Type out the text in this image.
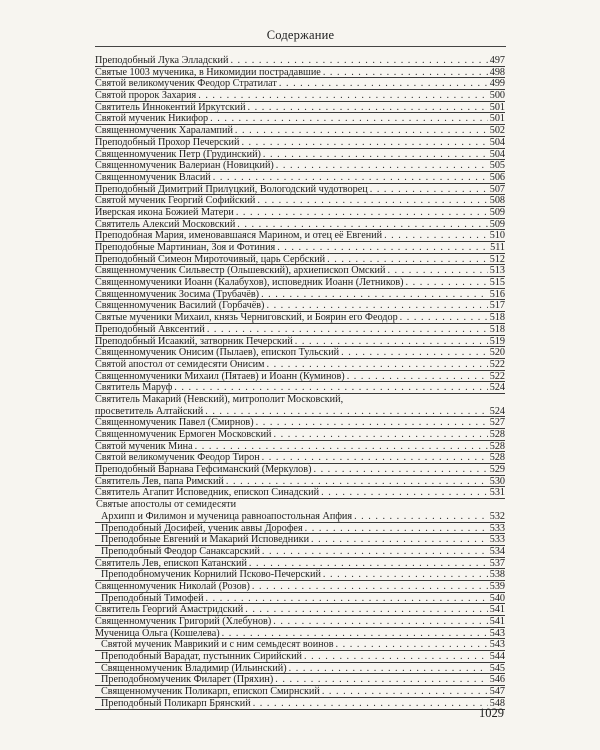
Содержание
Преподобный Лука Элладский . . .	497
Святые 1003 мученика, в Никомидии пострадавшие . . .	498
Святой великомученик Феодор Стратилат . . .	499
Святой пророк Захария . . .	500
Святитель Иннокентий Иркутский . . .	501
Святой мученик Никифор . . .	501
Священномученик Харалампий . . .	502
Преподобный Прохор Печерский . . .	504
Священномученик Петр (Грудинский) . . .	504
Священномученик Валериан (Новицкий) . . .	505
Священномученик Власий . . .	506
Преподобный Димитрий Прилуцкий, Вологодский чудотворец . . .	507
Святой мученик Георгий Софийский . . .	508
Иверская икона Божией Матери . . .	509
Святитель Алексий Московский . . .	509
Преподобная Мария, именовавшаяся Марином, и отец её Евгений . . .	510
Преподобные Мартиниан, Зоя и Фотиния . . .	511
Преподобный Симеон Мироточивый, царь Сербский . . .	512
Священномученик Сильвестр (Ольшевский), архиепископ Омский . . .	513
Священномученики Иоанн (Калабухов), исповедник Иоанн (Летников) . . .	515
Священномученик Зосима (Трубачёв) . . .	516
Священномученик Василий (Горбачёв) . . .	517
Святые мученики Михаил, князь Черниговский, и Боярин его Феодор . . .	518
Преподобный Авксентий . . .	518
Преподобный Исаакий, затворник Печерский . . .	519
Священномученик Онисим (Пылаев), епископ Тульский . . .	520
Святой апостол от семидесяти Онисим . . .	522
Священномученики Михаил (Пятаев) и Иоанн (Куминов) . . .	522
Святитель Маруф . . .	524
Святитель Макарий (Невский), митрополит Московский,
просветитель Алтайский . . .	524
Священномученик Павел (Смирнов) . . .	527
Священномученик Ермоген Московский . . .	528
Святой мученик Мина . . .	528
Святой великомученик Феодор Тирон . . .	528
Преподобный Варнава Гефсиманский (Меркулов) . . .	529
Святитель Лев, папа Римский . . .	530
Святитель Агапит Исповедник, епископ Синадский . . .	531
Святые апостолы от семидесяти
Архипп и Филимон и мученица равноапостольная Апфия . . .	532
Преподобный Досифей, ученик аввы Дорофея . . .	533
Преподобные Евгений и Макарий Исповедники . . .	533
Преподобный Феодор Санаксарский . . .	534
Святитель Лев, епископ Катанский . . .	537
Преподобномученик Корнилий Псково-Печерский . . .	538
Священномученик Николай (Розов) . . .	539
Преподобный Тимофей . . .	540
Святитель Георгий Амастридский . . .	541
Священномученик Григорий (Хлебунов) . . .	541
Мученица Ольга (Кошелева) . . .	543
Святой мученик Маврикий и с ним семьдесят воинов . . .	543
Преподобный Варадат, пустынник Сирийский . . .	544
Священномученик Владимир (Ильинский) . . .	545
Преподобномученик Филарет (Пряхин) . . .	546
Священномученик Поликарп, епископ Смирнский . . .	547
Преподобный Поликарп Брянский . . .	548
1029
